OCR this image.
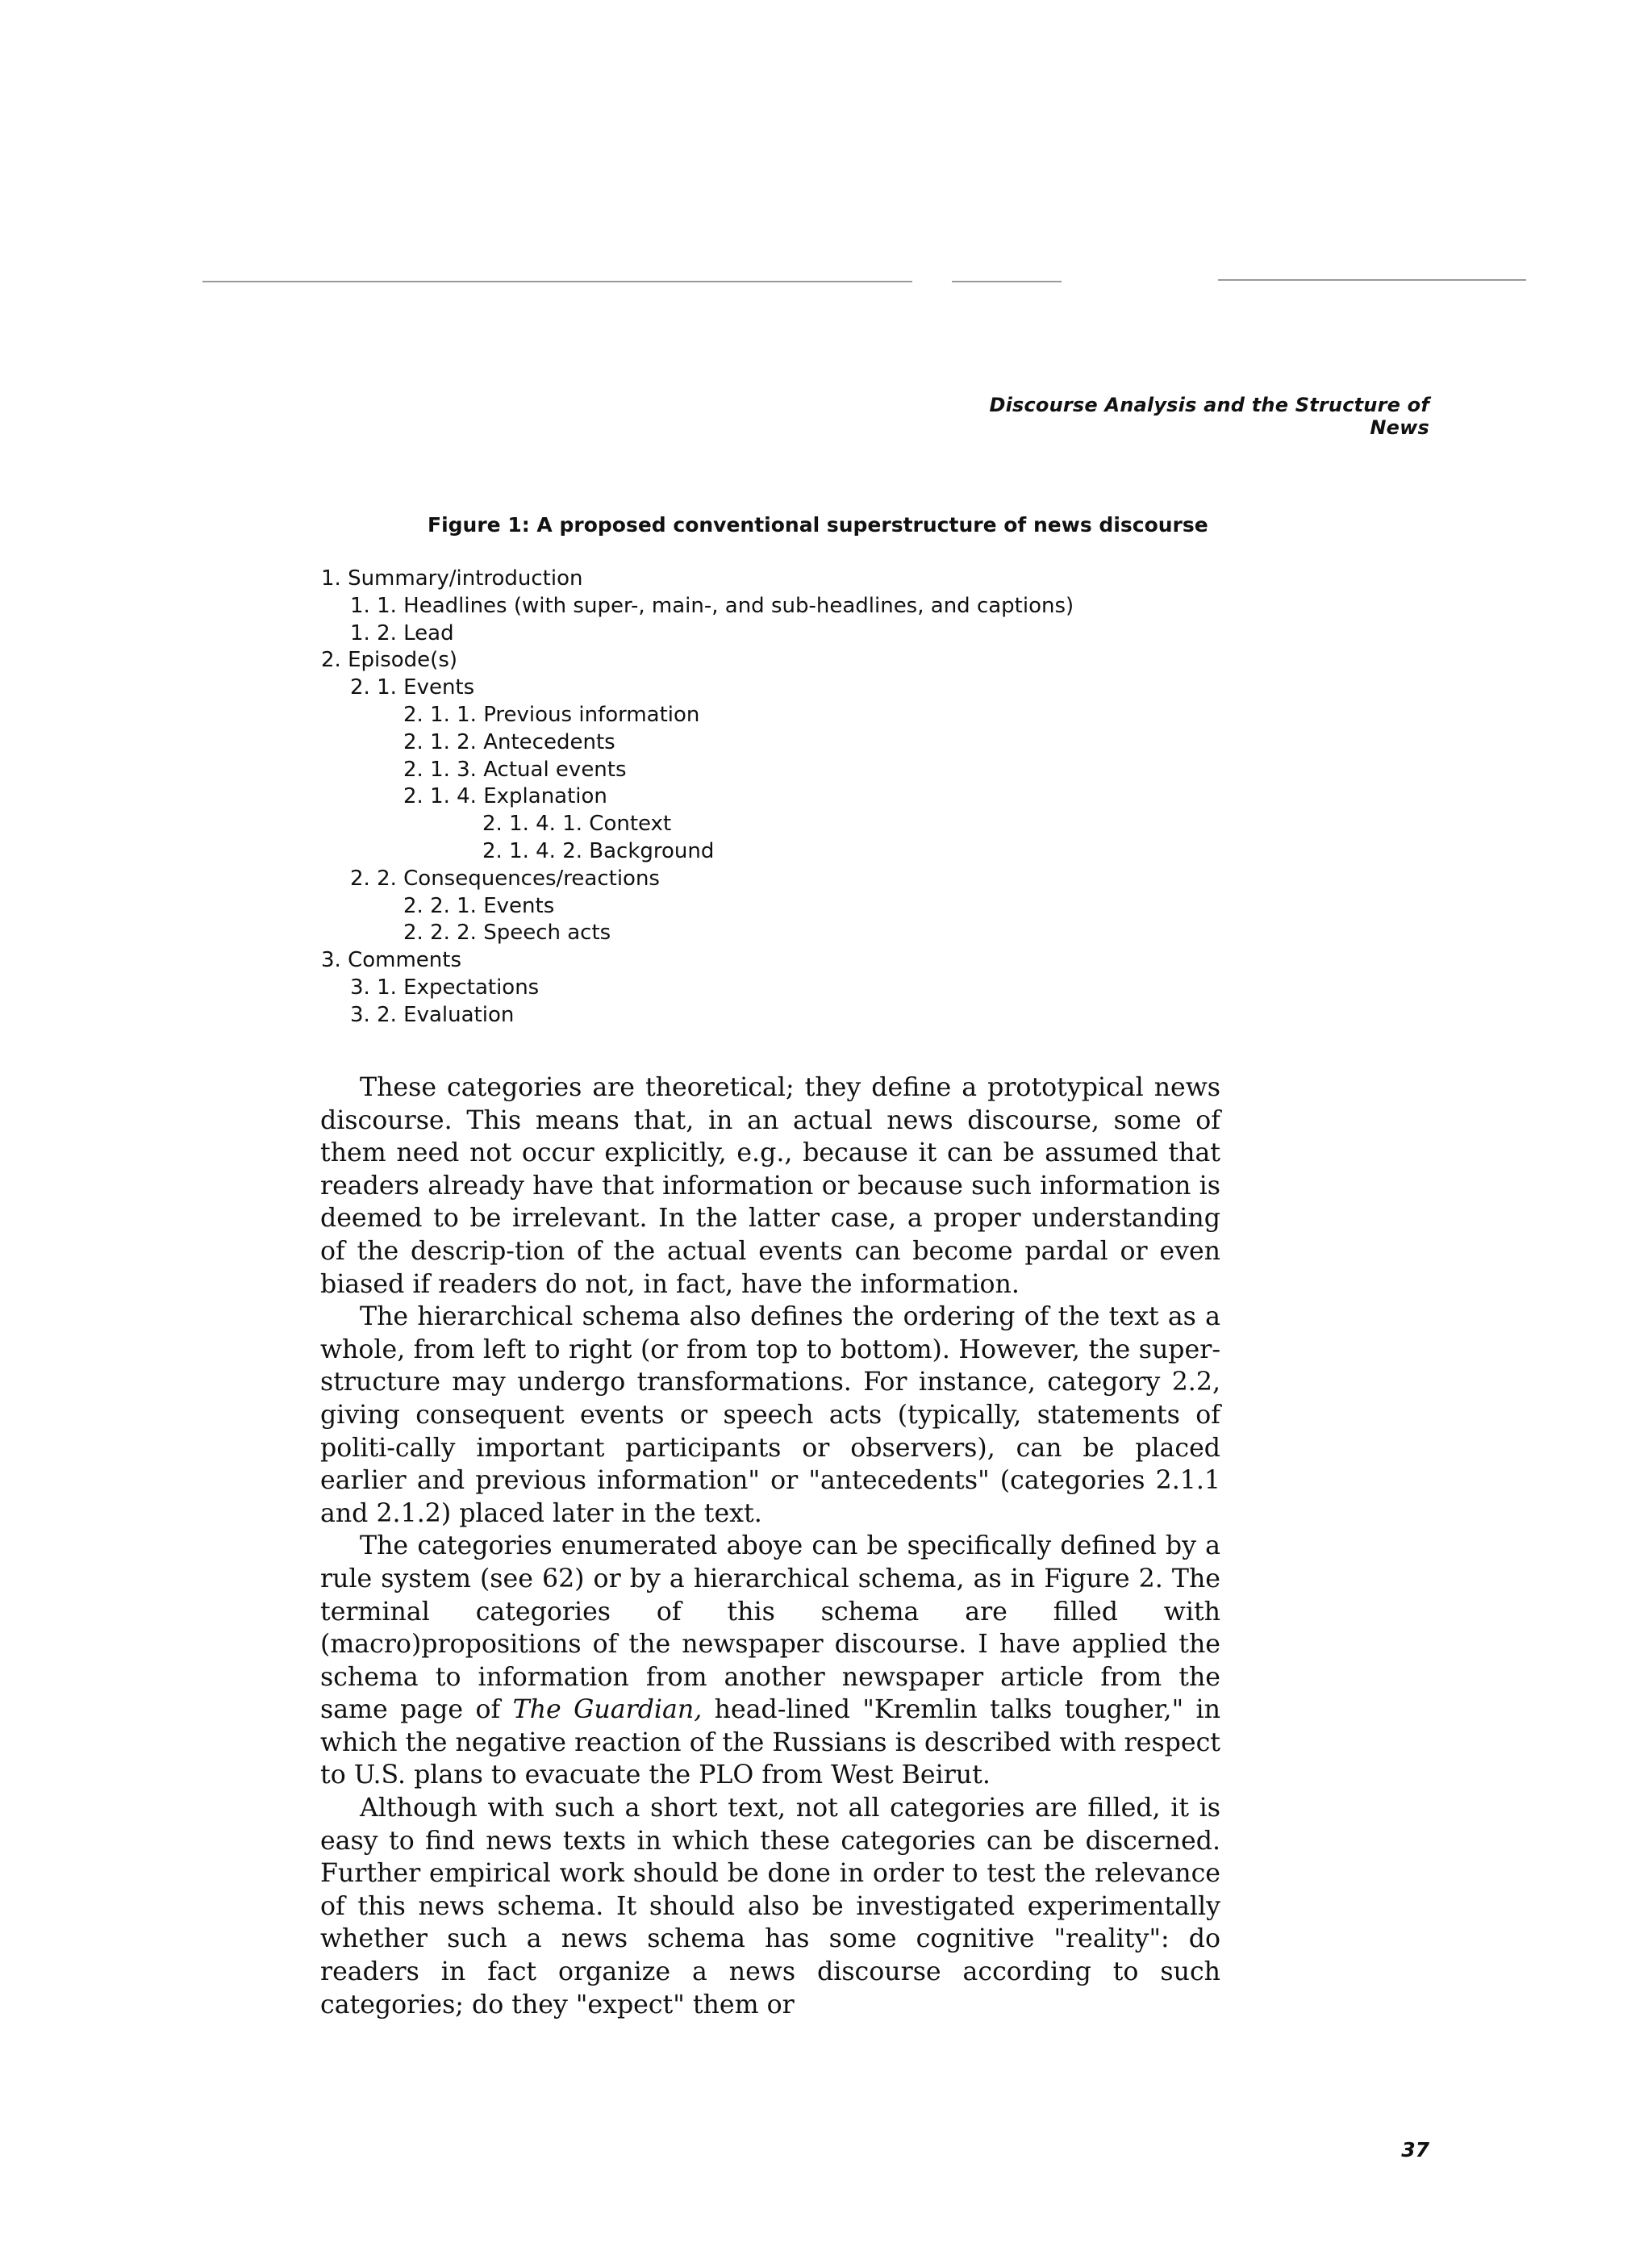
Discourse Analysis and the Structure of News
Figure 1: A proposed conventional superstructure of news discourse
1. Summary/introduction
1. 1. Headlines (with super-, main-, and sub-headlines, and captions)
1. 2. Lead
2. Episode(s)
2. 1. Events
2. 1. 1. Previous information
2. 1. 2. Antecedents
2. 1. 3. Actual events
2. 1. 4. Explanation
2. 1. 4. 1. Context
2. 1. 4. 2. Background
2. 2. Consequences/reactions
2. 2. 1. Events
2. 2. 2. Speech acts
3. Comments
3. 1. Expectations
3. 2. Evaluation

These categories are theoretical; they define a prototypical news discourse. This means that, in an actual news discourse, some of them need not occur explicitly, e.g., because it can be assumed that readers already have that information or because such information is deemed to be irrelevant. In the latter case, a proper understanding of the descrip-tion of the actual events can become pardal or even biased if readers do not, in fact, have the information.

The hierarchical schema also defines the ordering of the text as a whole, from left to right (or from top to bottom). However, the super-structure may undergo transformations. For instance, category 2.2, giving consequent events or speech acts (typically, statements of politi-cally important participants or observers), can be placed earlier and previous information" or "antecedents" (categories 2.1.1 and 2.1.2) placed later in the text.

The categories enumerated aboye can be specifically defined by a rule system (see 62) or by a hierarchical schema, as in Figure 2. The terminal categories of this schema are filled with (macro)propositions of the newspaper discourse. I have applied the schema to information from another newspaper article from the same page of The Guardian, head-lined "Kremlin talks tougher," in which the negative reaction of the Russians is described with respect to U.S. plans to evacuate the PLO from West Beirut.

Although with such a short text, not all categories are filled, it is easy to find news texts in which these categories can be discerned. Further empirical work should be done in order to test the relevance of this news schema. It should also be investigated experimentally whether such a news schema has some cognitive "reality": do readers in fact organize a news discourse according to such categories; do they "expect" them or

37
